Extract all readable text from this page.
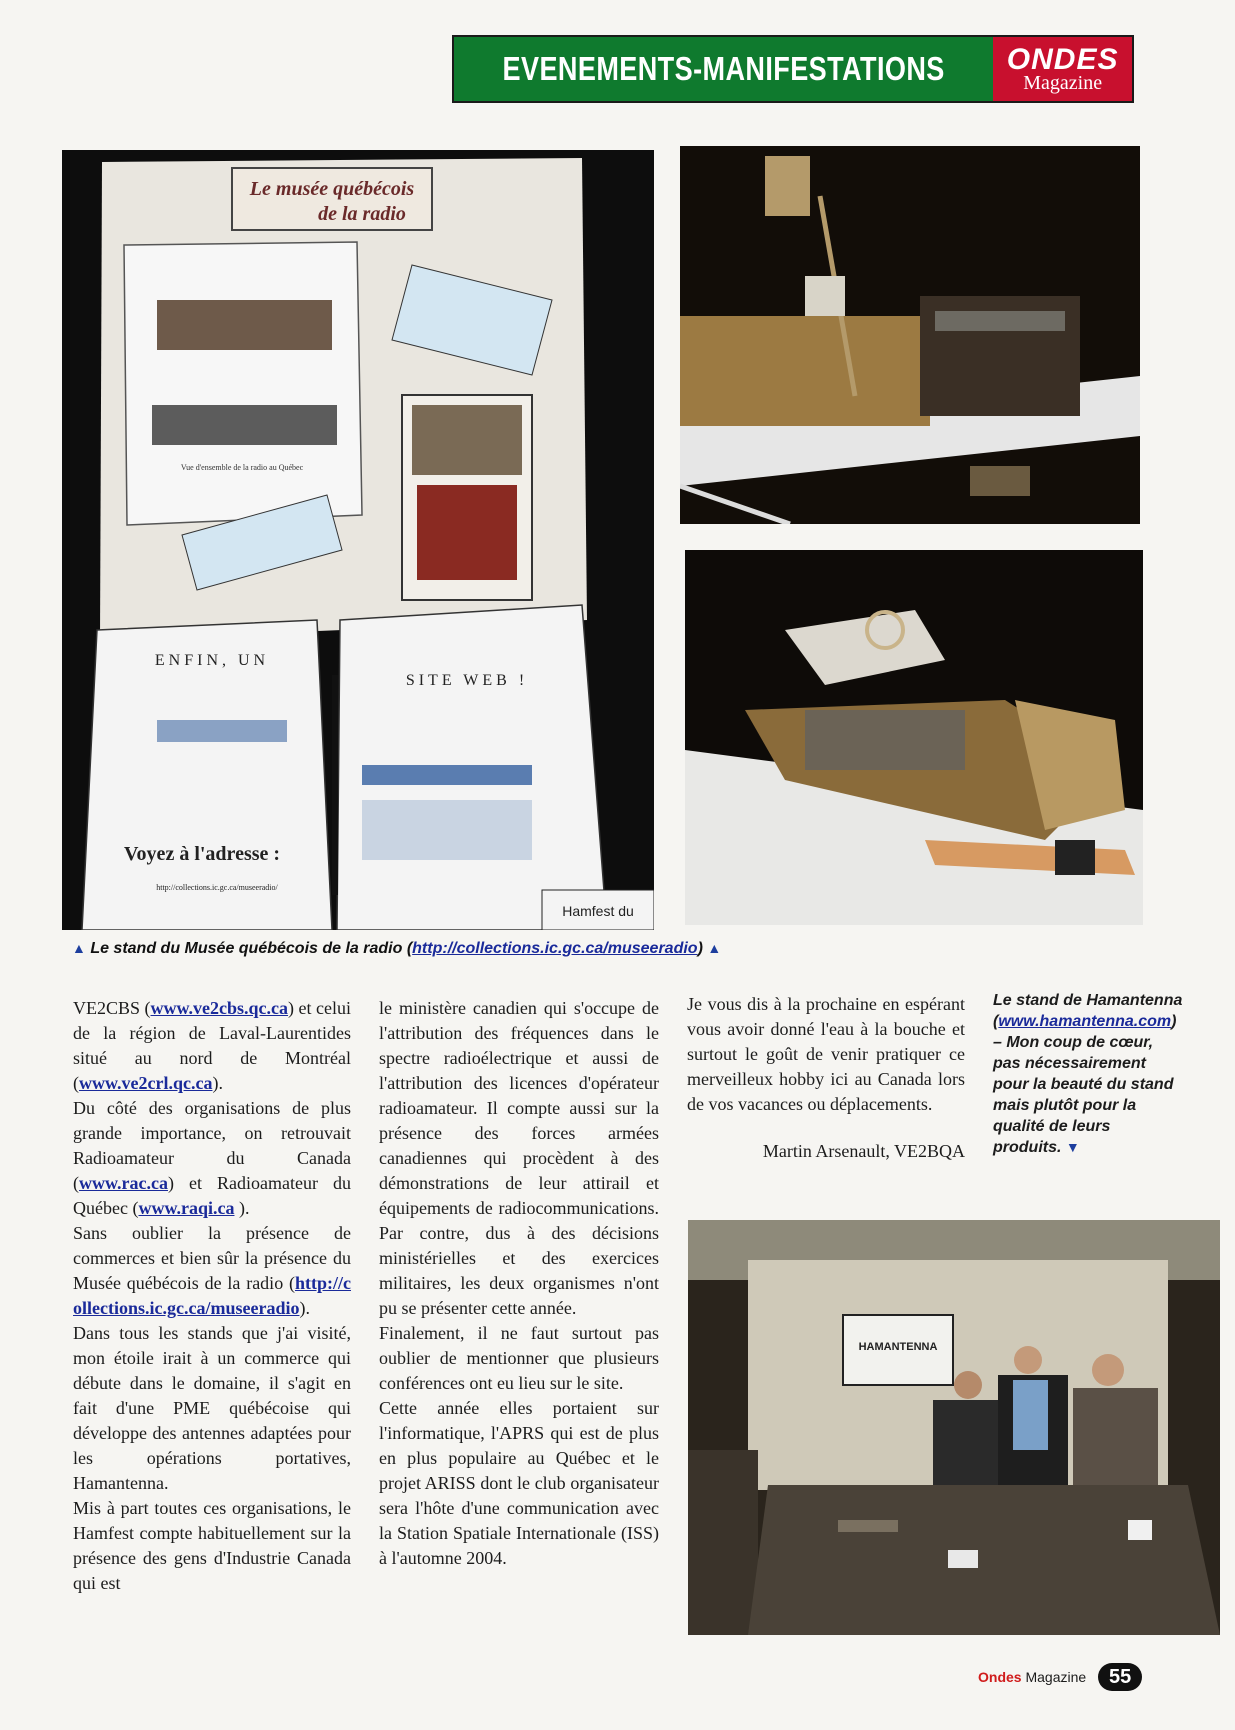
EVENEMENTS-MANIFESTATIONS ONDES
Magazine
Le musée québécois
de la radio
Vue d'ensemble de la radio au Québec
ENFIN, UN
SITE WEB !
Voyez à l'adresse :
http://collections.ic.gc.ca/museeradio/
Hamfest du
▲ Le stand du Musée québécois de la radio (http://collections.ic.gc.ca/museeradio) ▲

VE2CBS (www.ve2cbs.qc.ca) et celui de la région de Laval-Laurentides situé au nord de Montréal (www.ve2crl.qc.ca).

Du côté des organisations de plus grande importance, on retrouvait Radioamateur du Canada (www.rac.ca) et Radioamateur du Québec (www.raqi.ca ).

Sans oublier la présence de commerces et bien sûr la présence du Musée québécois de la radio (http://collections.ic.gc.ca/museeradio).

Dans tous les stands que j'ai visité, mon étoile irait à un commerce qui débute dans le domaine, il s'agit en fait d'une PME québécoise qui développe des antennes adaptées pour les opérations portatives, Hamantenna.

Mis à part toutes ces organisations, le Hamfest compte habituellement sur la présence des gens d'Industrie Canada qui est

le ministère canadien qui s'occupe de l'attribution des fréquences dans le spectre radioélectrique et aussi de l'attribution des licences d'opérateur radioamateur. Il compte aussi sur la présence des forces armées canadiennes qui procèdent à des démonstrations de leur attirail et équipements de radiocommunications. Par contre, dus à des décisions ministérielles et des exercices militaires, les deux organismes n'ont pu se présenter cette année.

Finalement, il ne faut surtout pas oublier de mentionner que plusieurs conférences ont eu lieu sur le site.

Cette année elles portaient sur l'informatique, l'APRS qui est de plus en plus populaire au Québec et le projet ARISS dont le club organisateur sera l'hôte d'une communication avec la Station Spatiale Internationale (ISS) à l'automne 2004.

Je vous dis à la prochaine en espérant vous avoir donné l'eau à la bouche et surtout le goût de venir pratiquer ce merveilleux hobby ici au Canada lors de vos vacances ou déplacements.

Martin Arsenault, VE2BQA

Le stand de Hamantenna (www.hamantenna.com) – Mon coup de cœur, pas nécessairement pour la beauté du stand mais plutôt pour la qualité de leurs produits. ▼
HAMANTENNA
Ondes
Magazine	55
